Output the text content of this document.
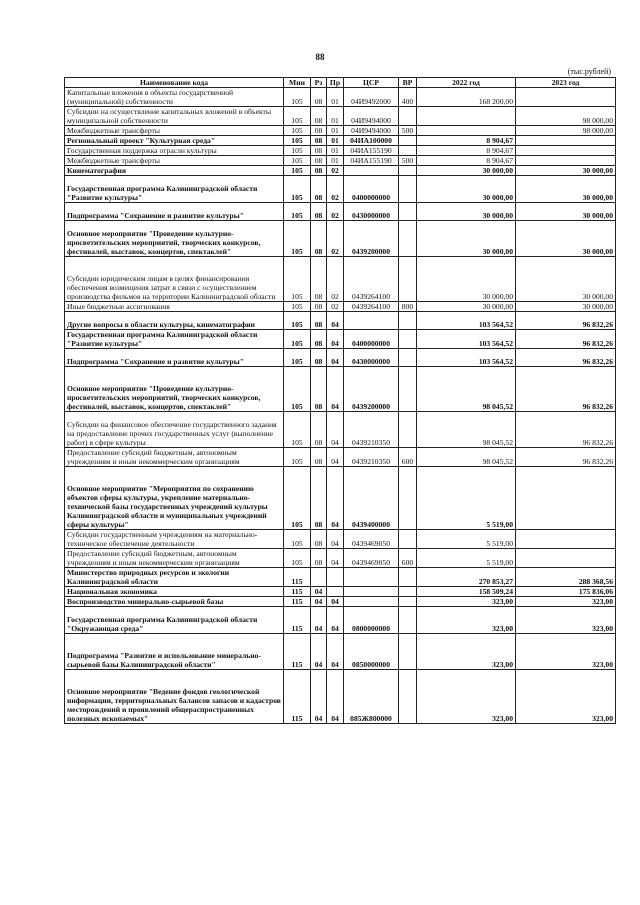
88
(тыс.рублей)
Наименование кода	Мин	Рз	Пр	ЦСР	ВР	2022 год	2023 год
Капитальные вложения в объекты государственной (муниципальной) собственности	105	08	01	04И9492000	400	168 200,00	
Субсидии на осуществление капитальных вложений в объекты муниципальной собственности	105	08	01	04И9494000			98 000,00
Межбюджетные трансферты	105	08	01	04И9494000	500		98 000,00
Региональный проект "Культурная среда"	105	08	01	04ИА100000		8 904,67	
Государственная поддержка отрасли культуры	105	08	01	04ИА155190		8 904,67	
Межбюджетные трансферты	105	08	01	04ИА155190	500	8 904,67	
Кинематография	105	08	02			30 000,00	30 000,00
Государственная программа Калининградской области "Развитие культуры"	105	08	02	0400000000		30 000,00	30 000,00
Подпрограмма "Сохранение и развитие культуры"	105	08	02	0430000000		30 000,00	30 000,00
Основное мероприятие "Проведение культурно-просветительских мероприятий, творческих конкурсов, фестивалей, выставок, концертов, спектаклей"	105	08	02	0439200000		30 000,00	30 000,00
Субсидии юридическим лицам в целях финансирования обеспечения возмещения затрат в связи с осуществлением производства фильмов на территории Калининградской области	105	08	02	0439264100		30 000,00	30 000,00
Иные бюджетные ассигнования	105	08	02	0439264100	800	30 000,00	30 000,00
Другие вопросы в области культуры, кинематографии	105	08	04			103 564,52	96 832,26
Государственная программа Калининградской области "Развитие культуры"	105	08	04	0400000000		103 564,52	96 832,26
Подпрограмма "Сохранение и развитие культуры"	105	08	04	0430000000		103 564,52	96 832,26
Основное мероприятие "Проведение культурно-просветительских мероприятий, творческих конкурсов, фестивалей, выставок, концертов, спектаклей"	105	08	04	0439200000		98 045,52	96 832,26
Субсидии на финансовое обеспечение государственного задания на предоставление прочих государственных услуг (выполнение работ) в сфере культуры	105	08	04	0439210350		98 045,52	96 832,26
Предоставление субсидий бюджетным, автономным учреждениям и иным некоммерческим организациям	105	08	04	0439210350	600	98 045,52	96 832,26
Основное мероприятие "Мероприятия по сохранению объектов сферы культуры, укрепление материально-технической базы государственных учреждений культуры Калининградской области и муниципальных учреждений сферы культуры"	105	08	04	0439400000		5 519,00	
Субсидии государственным учреждениям на материально-техническое обеспечение деятельности	105	08	04	0439469050		5 519,00	
Предоставление субсидий бюджетным, автономным учреждениям и иным некоммерческим организациям	105	08	04	0439469050	600	5 519,00	
Министерство природных ресурсов и экологии Калининградской области	115					270 853,27	288 368,56
Национальная экономика	115	04				158 509,24	175 836,06
Воспроизводство минерально-сырьевой базы	115	04	04			323,00	323,00
Государственная программа Калининградской области "Окружающая среда"	115	04	04	0800000000		323,00	323,00
Подпрограмма "Развитие и использование минерально-сырьевой базы Калининградской области"	115	04	04	0850000000		323,00	323,00
Основное мероприятие "Ведение фондов геологической информации, территориальных балансов запасов и кадастров месторождений и проявлений общераспространенных полезных ископаемых"	115	04	04	085Ж800000		323,00	323,00
